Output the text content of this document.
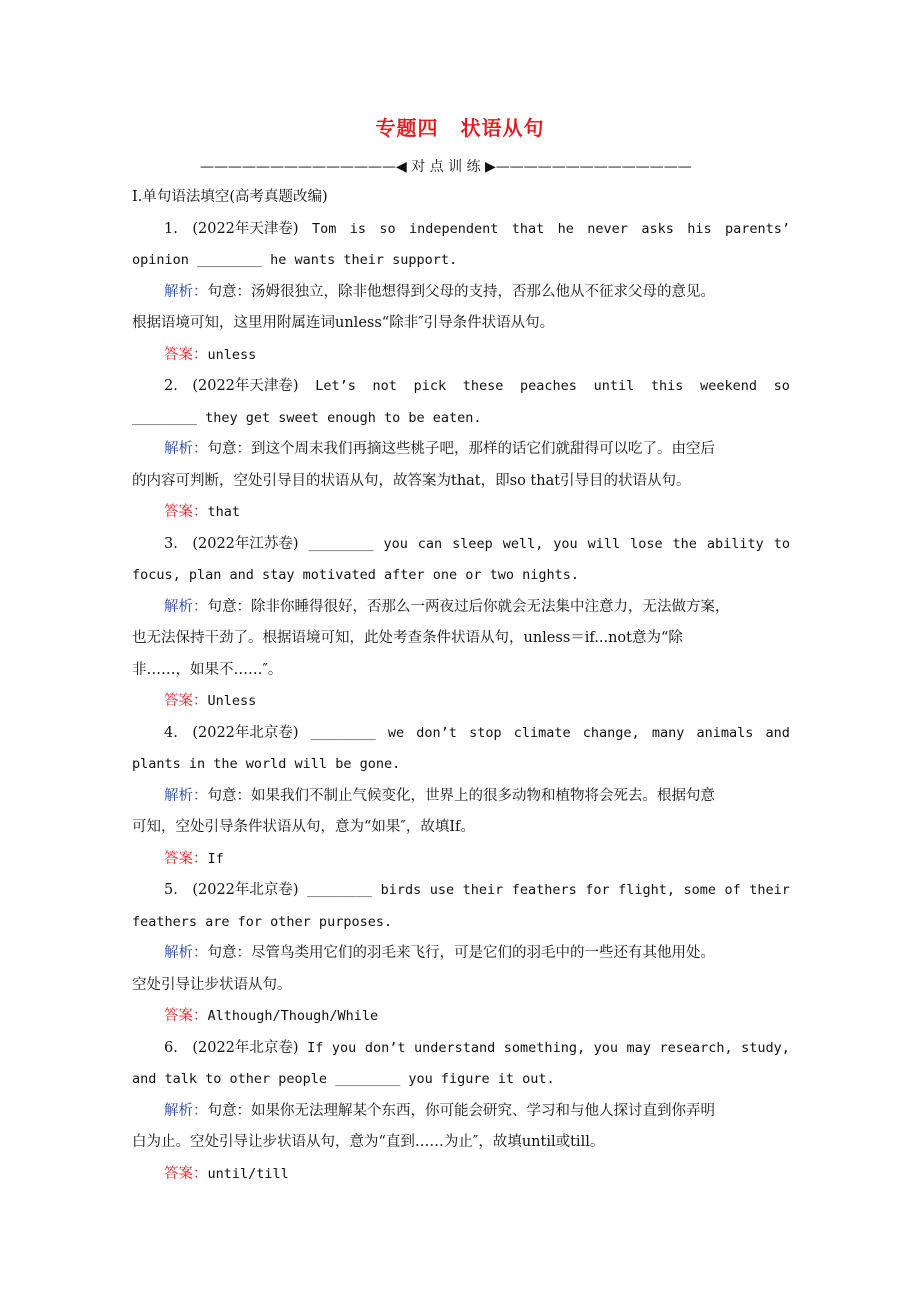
专题四 状语从句
——————————————◀ 对 点 训 练 ▶——————————————
Ⅰ.单句语法填空(高考真题改编)
1.　(2022年天津卷) Tom is so independent that he never asks his parents’
opinion ________ he wants their support.
解析：句意：汤姆很独立，除非他想得到父母的支持，否那么他从不征求父母的意见。
根据语境可知，这里用附属连词unless“除非″引导条件状语从句。
答案：unless
2.　(2022年天津卷) Let’s not pick these peaches until this weekend so
________ they get sweet enough to be eaten.
解析：句意：到这个周末我们再摘这些桃子吧，那样的话它们就甜得可以吃了。由空后
的内容可判断，空处引导目的状语从句，故答案为that，即so that引导目的状语从句。
答案：that
3.　(2022年江苏卷) ________ you can sleep well, you will lose the ability to
focus, plan and stay motivated after one or two nights.
解析：句意：除非你睡得很好，否那么一两夜过后你就会无法集中注意力，无法做方案，
也无法保持干劲了。根据语境可知，此处考查条件状语从句，unless＝if...not意为“除
非……，如果不……″。
答案：Unless
4.　(2022年北京卷) ________ we don’t stop climate change, many animals and
plants in the world will be gone.
解析：句意：如果我们不制止气候变化，世界上的很多动物和植物将会死去。根据句意
可知，空处引导条件状语从句，意为“如果″，故填If。
答案：If
5.　(2022年北京卷) ________ birds use their feathers for flight, some of their
feathers are for other purposes.
解析：句意：尽管鸟类用它们的羽毛来飞行，可是它们的羽毛中的一些还有其他用处。
空处引导让步状语从句。
答案：Although/Though/While
6.　(2022年北京卷) If you don’t understand something, you may research, study,
and talk to other people ________ you figure it out.
解析：句意：如果你无法理解某个东西，你可能会研究、学习和与他人探讨直到你弄明
白为止。空处引导让步状语从句，意为“直到……为止″，故填until或till。
答案：until/till
